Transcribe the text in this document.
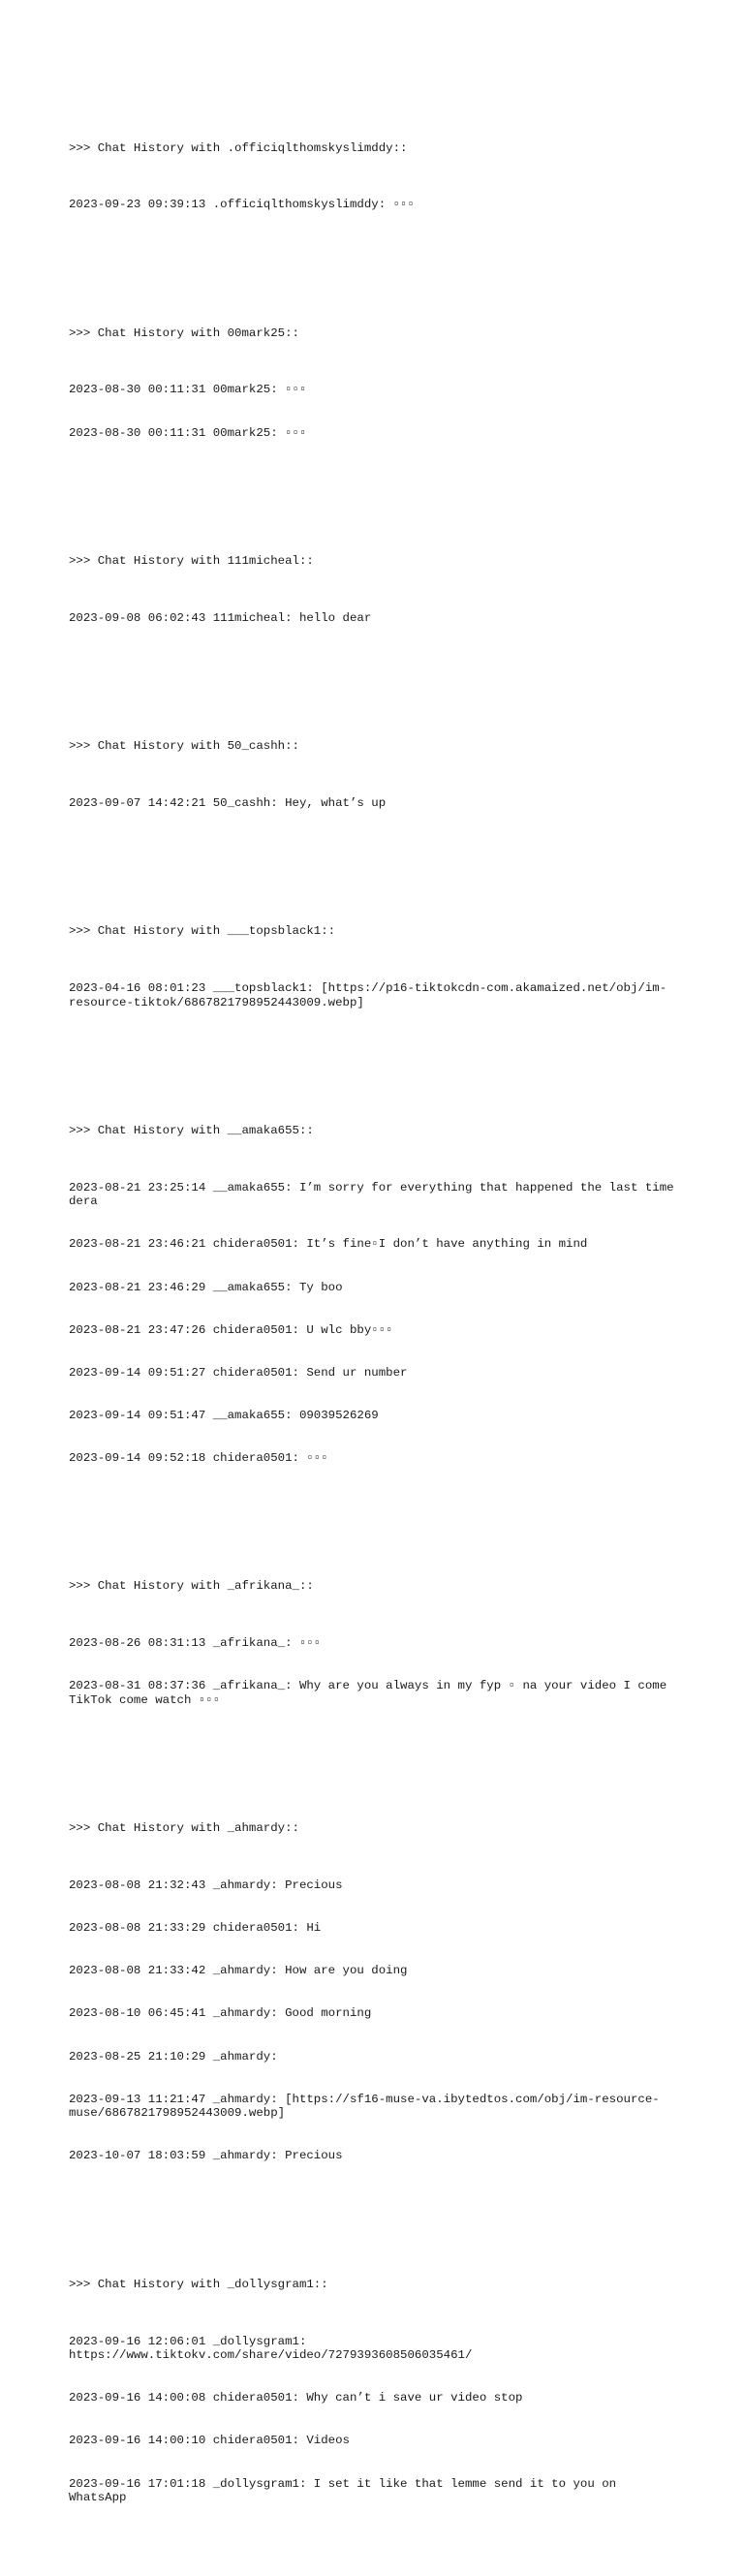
>>> Chat History with .officiqlthomskyslimddy::

2023-09-23 09:39:13 .officiqlthomskyslimddy: ▫▫▫

>>> Chat History with 00mark25::

2023-08-30 00:11:31 00mark25: ▫▫▫

2023-08-30 00:11:31 00mark25: ▫▫▫

>>> Chat History with 111micheal::

2023-09-08 06:02:43 111micheal: hello dear

>>> Chat History with 50_cashh::

2023-09-07 14:42:21 50_cashh: Hey, what’s up

>>> Chat History with ___topsblack1::

2023-04-16 08:01:23 ___topsblack1: [https://p16-tiktokcdn-com.akamaized.net/obj/im-resource-tiktok/6867821798952443009.webp]

>>> Chat History with __amaka655::

2023-08-21 23:25:14 __amaka655: I’m sorry for everything that happened the last time dera

2023-08-21 23:46:21 chidera0501: It’s fine▫I don’t have anything in mind

2023-08-21 23:46:29 __amaka655: Ty boo

2023-08-21 23:47:26 chidera0501: U wlc bby▫▫▫

2023-09-14 09:51:27 chidera0501: Send ur number

2023-09-14 09:51:47 __amaka655: 09039526269

2023-09-14 09:52:18 chidera0501: ▫▫▫

>>> Chat History with _afrikana_::

2023-08-26 08:31:13 _afrikana_: ▫▫▫

2023-08-31 08:37:36 _afrikana_: Why are you always in my fyp ▫ na your video I come TikTok come watch ▫▫▫

>>> Chat History with _ahmardy::

2023-08-08 21:32:43 _ahmardy: Precious

2023-08-08 21:33:29 chidera0501: Hi

2023-08-08 21:33:42 _ahmardy: How are you doing

2023-08-10 06:45:41 _ahmardy: Good morning

2023-08-25 21:10:29 _ahmardy:

2023-09-13 11:21:47 _ahmardy: [https://sf16-muse-va.ibytedtos.com/obj/im-resource-muse/6867821798952443009.webp]

2023-10-07 18:03:59 _ahmardy: Precious

>>> Chat History with _dollysgram1::

2023-09-16 12:06:01 _dollysgram1: https://www.tiktokv.com/share/video/7279393608506035461/

2023-09-16 14:00:08 chidera0501: Why can’t i save ur video stop

2023-09-16 14:00:10 chidera0501: Videos

2023-09-16 17:01:18 _dollysgram1: I set it like that lemme send it to you on WhatsApp
